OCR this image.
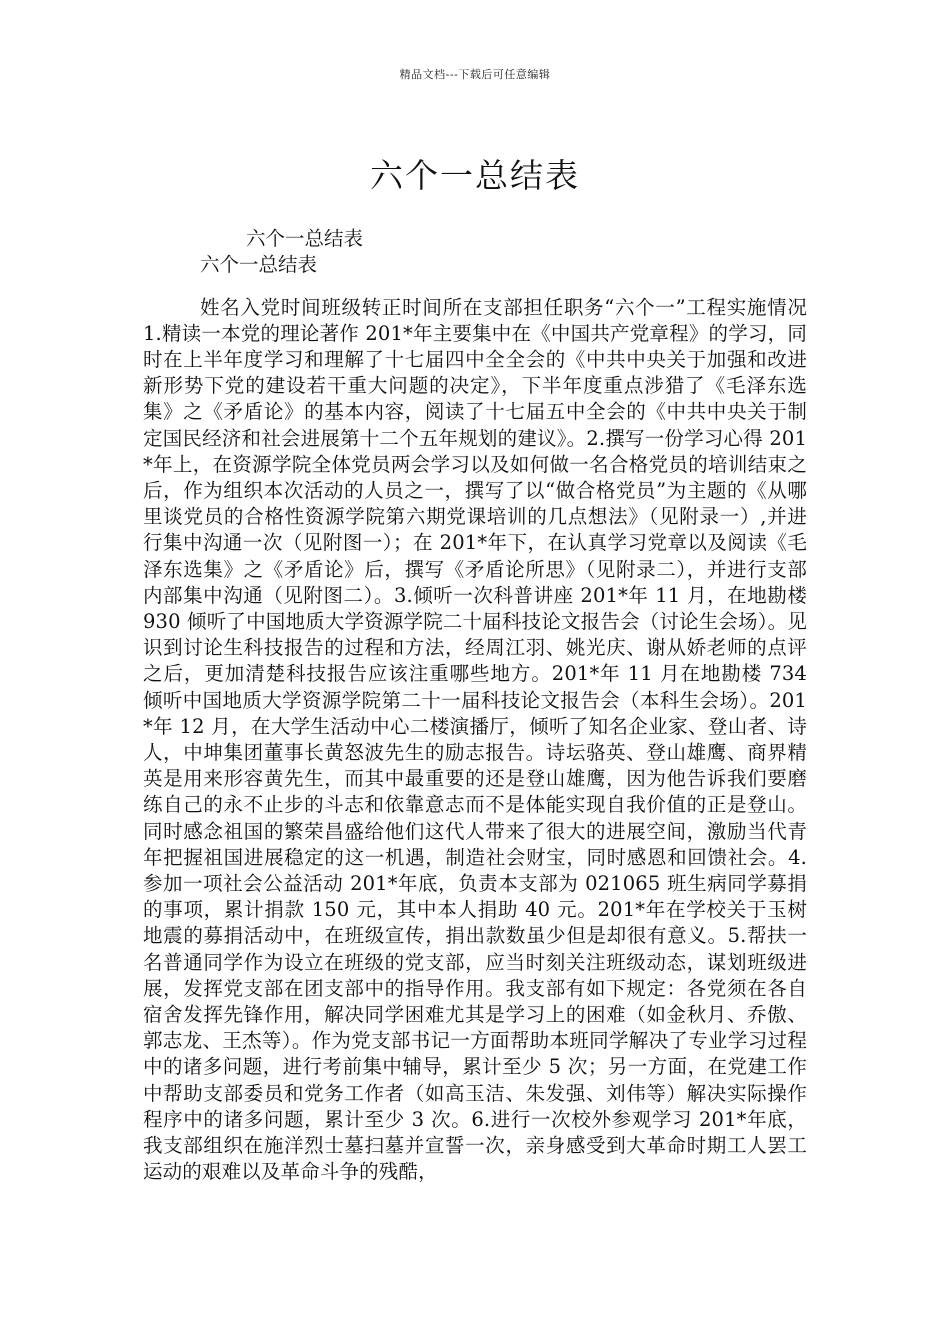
精品文档---下载后可任意编辑
六个一总结表
六个一总结表
六个一总结表

姓名入党时间班级转正时间所在支部担任职务“六个一”工程实施情况 1.精读一本党的理论著作 201*年主要集中在《中国共产党章程》的学习，同时在上半年度学习和理解了十七届四中全全会的《中共中央关于加强和改进新形势下党的建设若干重大问题的决定》，下半年度重点涉猎了《毛泽东选集》之《矛盾论》的基本内容，阅读了十七届五中全会的《中共中央关于制定国民经济和社会进展第十二个五年规划的建议》。2.撰写一份学习心得 201*年上，在资源学院全体党员两会学习以及如何做一名合格党员的培训结束之后，作为组织本次活动的人员之一，撰写了以“做合格党员”为主题的《从哪里谈党员的合格性资源学院第六期党课培训的几点想法》（见附录一）,并进行集中沟通一次（见附图一）；在 201*年下，在认真学习党章以及阅读《毛泽东选集》之《矛盾论》后，撰写《矛盾论所思》（见附录二），并进行支部内部集中沟通（见附图二）。3.倾听一次科普讲座 201*年 11 月，在地勘楼 930 倾听了中国地质大学资源学院二十届科技论文报告会（讨论生会场）。见识到讨论生科技报告的过程和方法，经周江羽、姚光庆、谢从娇老师的点评之后，更加清楚科技报告应该注重哪些地方。201*年 11 月在地勘楼 734 倾听中国地质大学资源学院第二十一届科技论文报告会（本科生会场）。201*年 12 月，在大学生活动中心二楼演播厅，倾听了知名企业家、登山者、诗人，中坤集团董事长黄怒波先生的励志报告。诗坛骆英、登山雄鹰、商界精英是用来形容黄先生，而其中最重要的还是登山雄鹰，因为他告诉我们要磨练自己的永不止步的斗志和依靠意志而不是体能实现自我价值的正是登山。同时感念祖国的繁荣昌盛给他们这代人带来了很大的进展空间，激励当代青年把握祖国进展稳定的这一机遇，制造社会财宝，同时感恩和回馈社会。4.参加一项社会公益活动 201*年底，负责本支部为 021065 班生病同学募捐的事项，累计捐款 150 元，其中本人捐助 40 元。201*年在学校关于玉树地震的募捐活动中，在班级宣传，捐出款数虽少但是却很有意义。5.帮扶一名普通同学作为设立在班级的党支部，应当时刻关注班级动态，谋划班级进展，发挥党支部在团支部中的指导作用。我支部有如下规定：各党须在各自宿舍发挥先锋作用，解决同学困难尤其是学习上的困难（如金秋月、乔傲、郭志龙、王杰等）。作为党支部书记一方面帮助本班同学解决了专业学习过程中的诸多问题，进行考前集中辅导，累计至少 5 次；另一方面，在党建工作中帮助支部委员和党务工作者（如高玉洁、朱发强、刘伟等）解决实际操作程序中的诸多问题，累计至少 3 次。6.进行一次校外参观学习 201*年底，我支部组织在施洋烈士墓扫墓并宣誓一次，亲身感受到大革命时期工人罢工运动的艰难以及革命斗争的残酷，
